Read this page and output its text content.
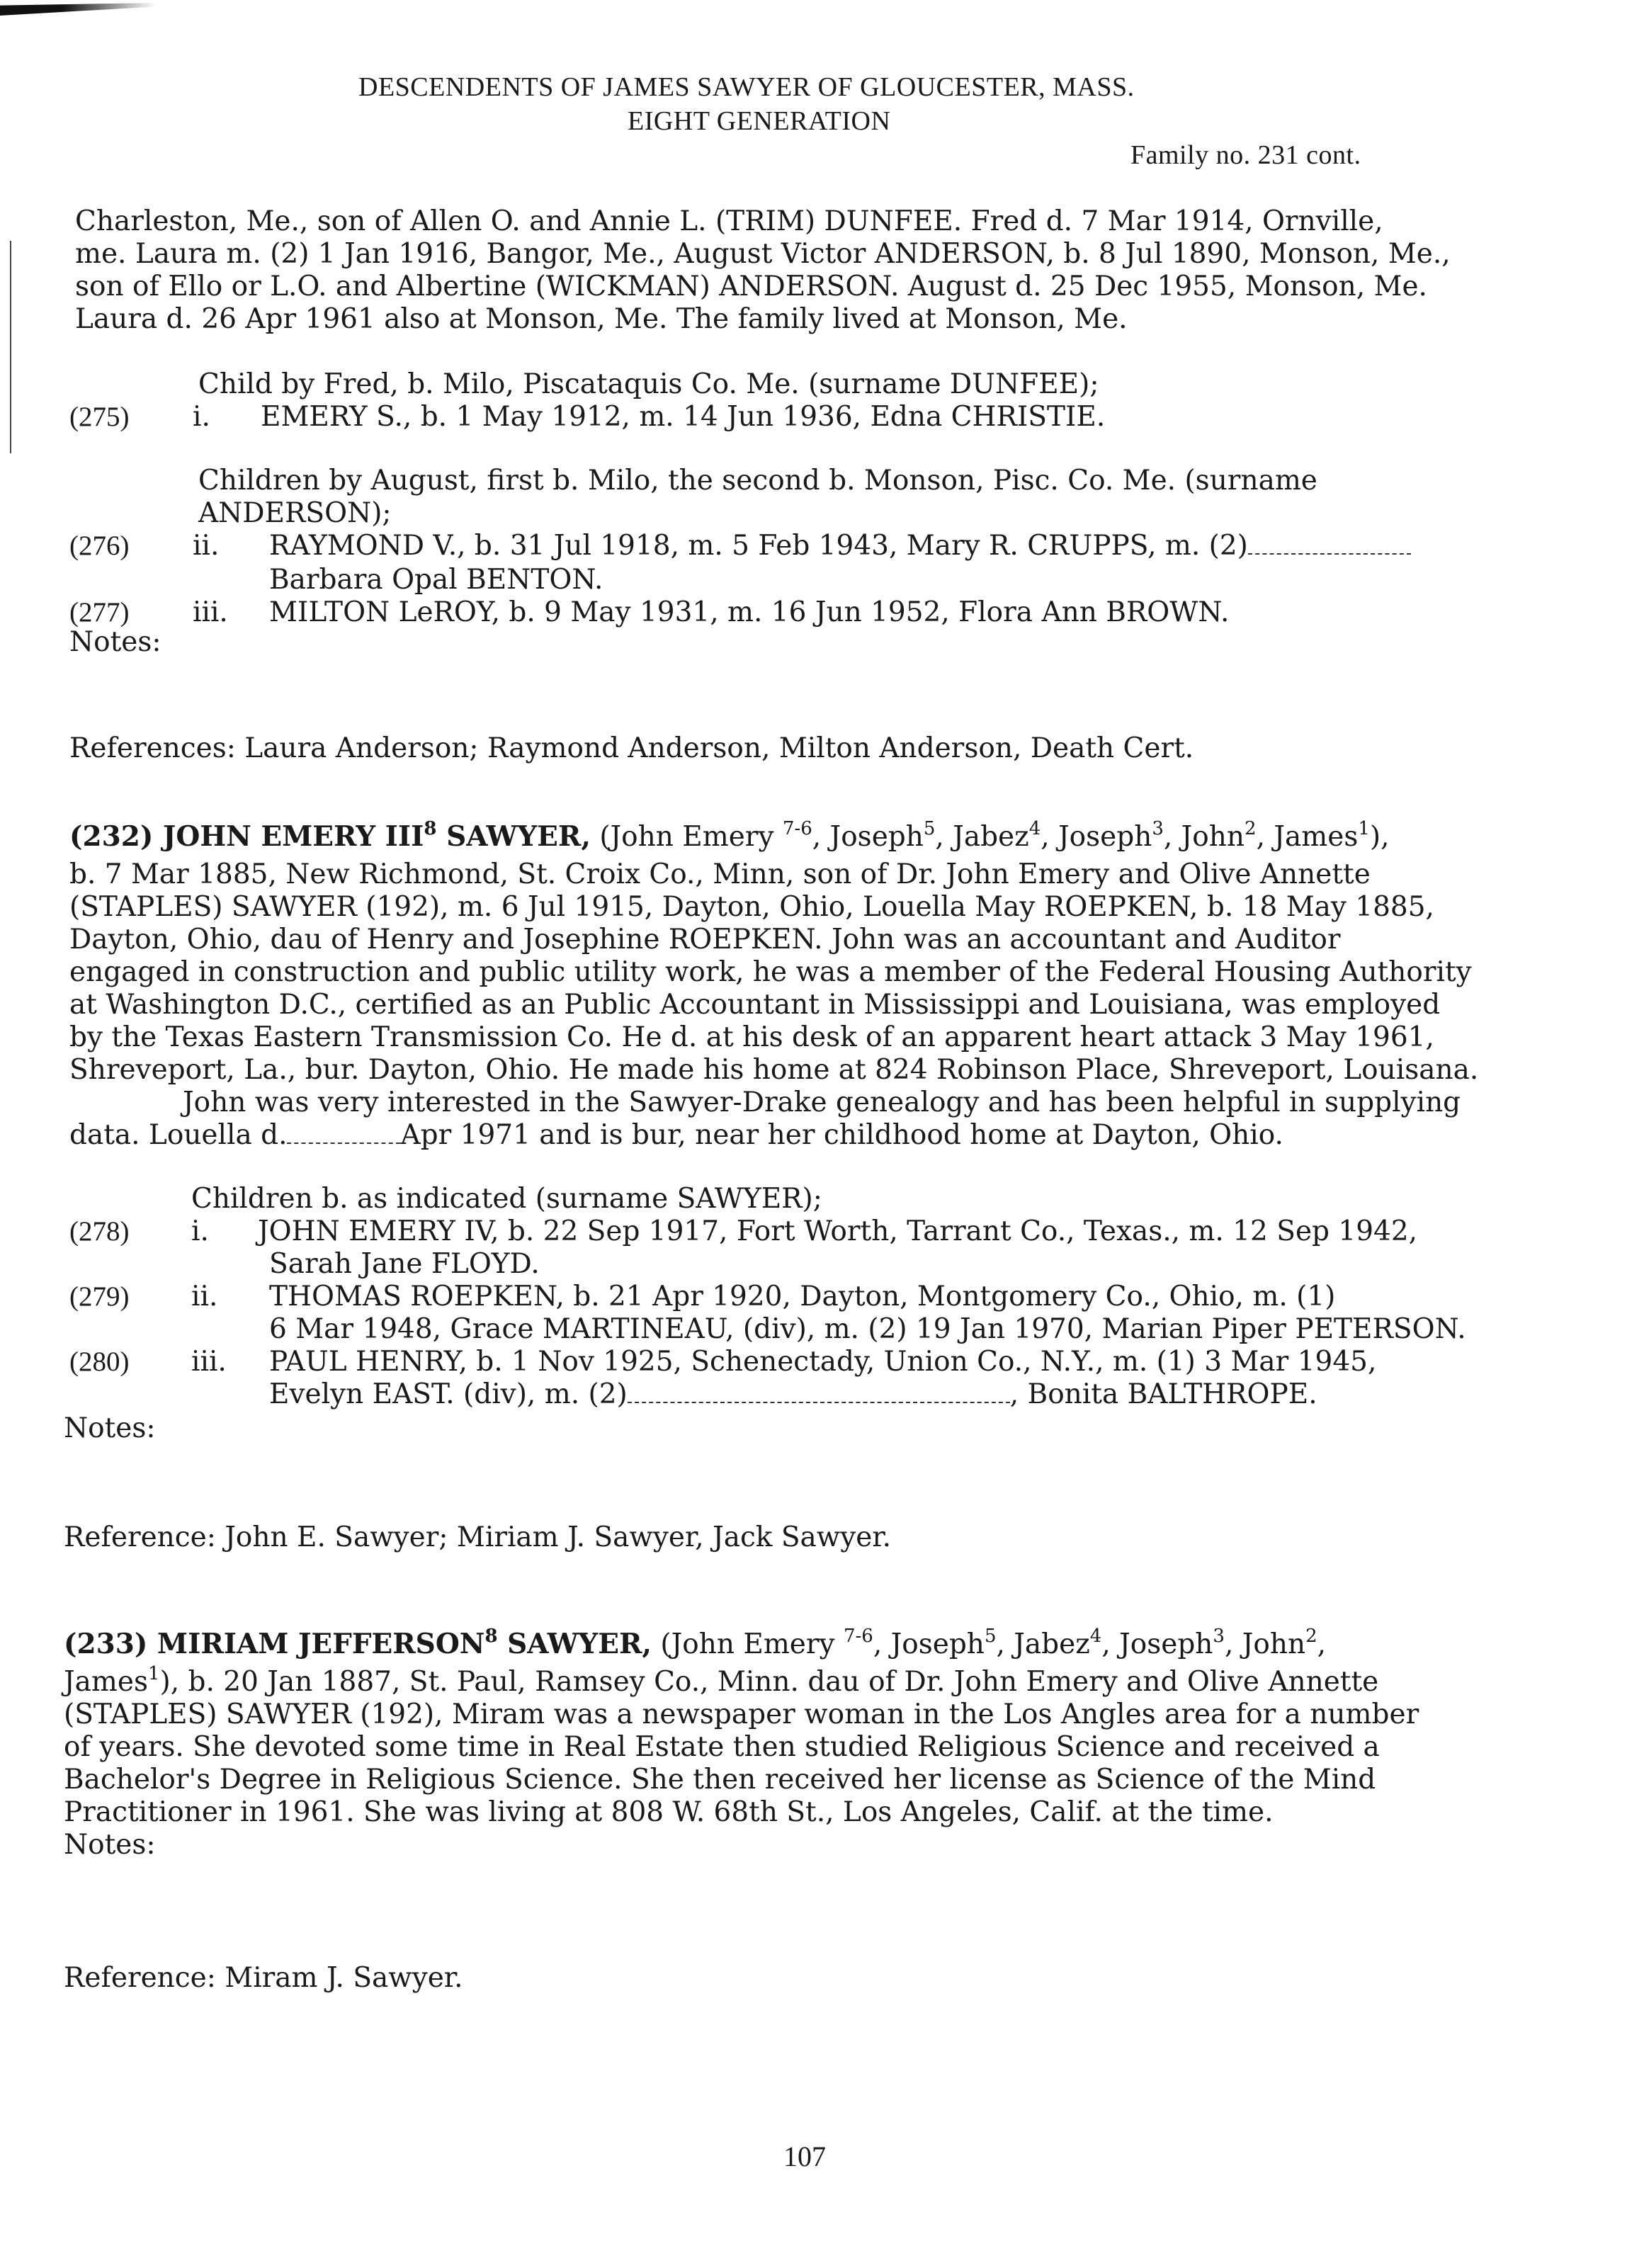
DESCENDENTS OF JAMES SAWYER OF GLOUCESTER, MASS.
EIGHT GENERATION
Family no. 231 cont.
Charleston, Me., son of Allen O. and Annie L. (TRIM) DUNFEE. Fred d. 7 Mar 1914, Ornville,
me. Laura m. (2) 1 Jan 1916, Bangor, Me., August Victor ANDERSON, b. 8 Jul 1890, Monson, Me.,
son of Ello or L.O. and Albertine (WICKMAN) ANDERSON. August d. 25 Dec 1955, Monson, Me.
Laura d. 26 Apr 1961 also at Monson, Me. The family lived at Monson, Me.
Child by Fred, b. Milo, Piscataquis Co. Me. (surname DUNFEE);
(275) i. EMERY S., b. 1 May 1912, m. 14 Jun 1936, Edna CHRISTIE.
Children by August, first b. Milo, the second b. Monson, Pisc. Co. Me. (surname
ANDERSON);
(276) ii. RAYMOND V., b. 31 Jul 1918, m. 5 Feb 1943, Mary R. CRUPPS, m. (2)
Barbara Opal BENTON.
(277) iii. MILTON LeROY, b. 9 May 1931, m. 16 Jun 1952, Flora Ann BROWN.
Notes:
References: Laura Anderson; Raymond Anderson, Milton Anderson, Death Cert.
(232) JOHN EMERY III$^8$ SAWYER, (John Emery $^{7-6}$, Joseph$^5$, Jabez$^4$, Joseph$^3$, John$^2$, James$^1$),
b. 7 Mar 1885, New Richmond, St. Croix Co., Minn, son of Dr. John Emery and Olive Annette
(STAPLES) SAWYER (192), m. 6 Jul 1915, Dayton, Ohio, Louella May ROEPKEN, b. 18 May 1885,
Dayton, Ohio, dau of Henry and Josephine ROEPKEN. John was an accountant and Auditor
engaged in construction and public utility work, he was a member of the Federal Housing Authority
at Washington D.C., certified as an Public Accountant in Mississippi and Louisiana, was employed
by the Texas Eastern Transmission Co. He d. at his desk of an apparent heart attack 3 May 1961,
Shreveport, La., bur. Dayton, Ohio. He made his home at 824 Robinson Place, Shreveport, Louisana.
John was very interested in the Sawyer-Drake genealogy and has been helpful in supplying
data. Louella d.	Apr 1971 and is bur, near her childhood home at Dayton, Ohio.
Children b. as indicated (surname SAWYER);
(278) i. JOHN EMERY IV, b. 22 Sep 1917, Fort Worth, Tarrant Co., Texas., m. 12 Sep 1942,
Sarah Jane FLOYD.
(279) ii. THOMAS ROEPKEN, b. 21 Apr 1920, Dayton, Montgomery Co., Ohio, m. (1)
6 Mar 1948, Grace MARTINEAU, (div), m. (2) 19 Jan 1970, Marian Piper PETERSON.
(280) iii. PAUL HENRY, b. 1 Nov 1925, Schenectady, Union Co., N.Y., m. (1) 3 Mar 1945,
Evelyn EAST. (div), m. (2)	, Bonita BALTHROPE.
Notes:
Reference: John E. Sawyer; Miriam J. Sawyer, Jack Sawyer.
(233) MIRIAM JEFFERSON$^8$ SAWYER, (John Emery $^{7-6}$, Joseph$^5$, Jabez$^4$, Joseph$^3$, John$^2$,
James$^1$), b. 20 Jan 1887, St. Paul, Ramsey Co., Minn. dau of Dr. John Emery and Olive Annette
(STAPLES) SAWYER (192), Miram was a newspaper woman in the Los Angles area for a number
of years. She devoted some time in Real Estate then studied Religious Science and received a
Bachelor's Degree in Religious Science. She then received her license as Science of the Mind
Practitioner in 1961. She was living at 808 W. 68th St., Los Angeles, Calif. at the time.
Notes:
Reference: Miram J. Sawyer.
107
